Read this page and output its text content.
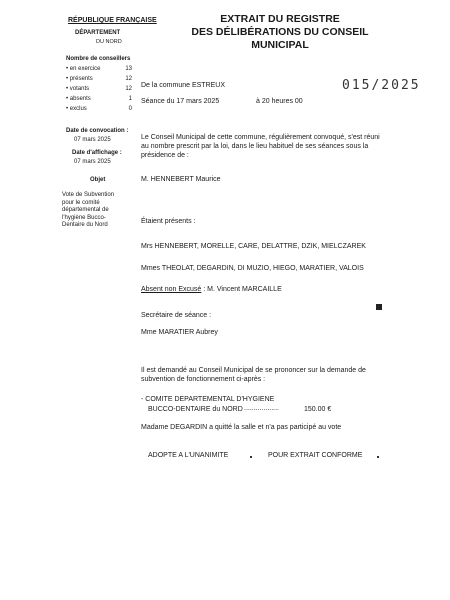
RÉPUBLIQUE FRANÇAISE
DÉPARTEMENT
DU NORD
EXTRAIT DU REGISTRE
DES DÉLIBÉRATIONS DU CONSEIL
MUNICIPAL
015/2025
Nombre de conseillers
• en exercice	13
• présents	12
• votants	12
• absents	1
• exclus	0
Date de convocation :
07 mars 2025
Date d'affichage :
07 mars 2025
Objet
Vote de Subvention pour le comité départemental de l'hygiène Bucco-Dentaire du Nord
De la commune ESTREUX
Séance du 17 mars 2025	à 20 heures 00
Le Conseil Municipal de cette commune, régulièrement convoqué, s'est réuni au nombre prescrit par la loi, dans le lieu habituel de ses séances sous la présidence de :
M. HENNEBERT Maurice
Étaient présents :
Mrs HENNEBERT, MORELLE, CARE, DELATTRE, DZIK, MIELCZAREK
Mmes THEOLAT, DEGARDIN, DI MUZIO, HIEGO, MARATIER, VALOIS
Absent non Excusé : M. Vincent MARCAILLE
Secrétaire de séance :
Mme MARATIER Aubrey
Il est demandé au Conseil Municipal de se prononcer sur la demande de subvention de fonctionnement ci-après :
- COMITE DEPARTEMENTAL D'HYGIENE
BUCCO-DENTAIRE du NORD ..................	150.00 €
Madame DEGARDIN a quitté la salle et n'a pas participé au vote
ADOPTE A L'UNANIMITE	POUR EXTRAIT CONFORME
